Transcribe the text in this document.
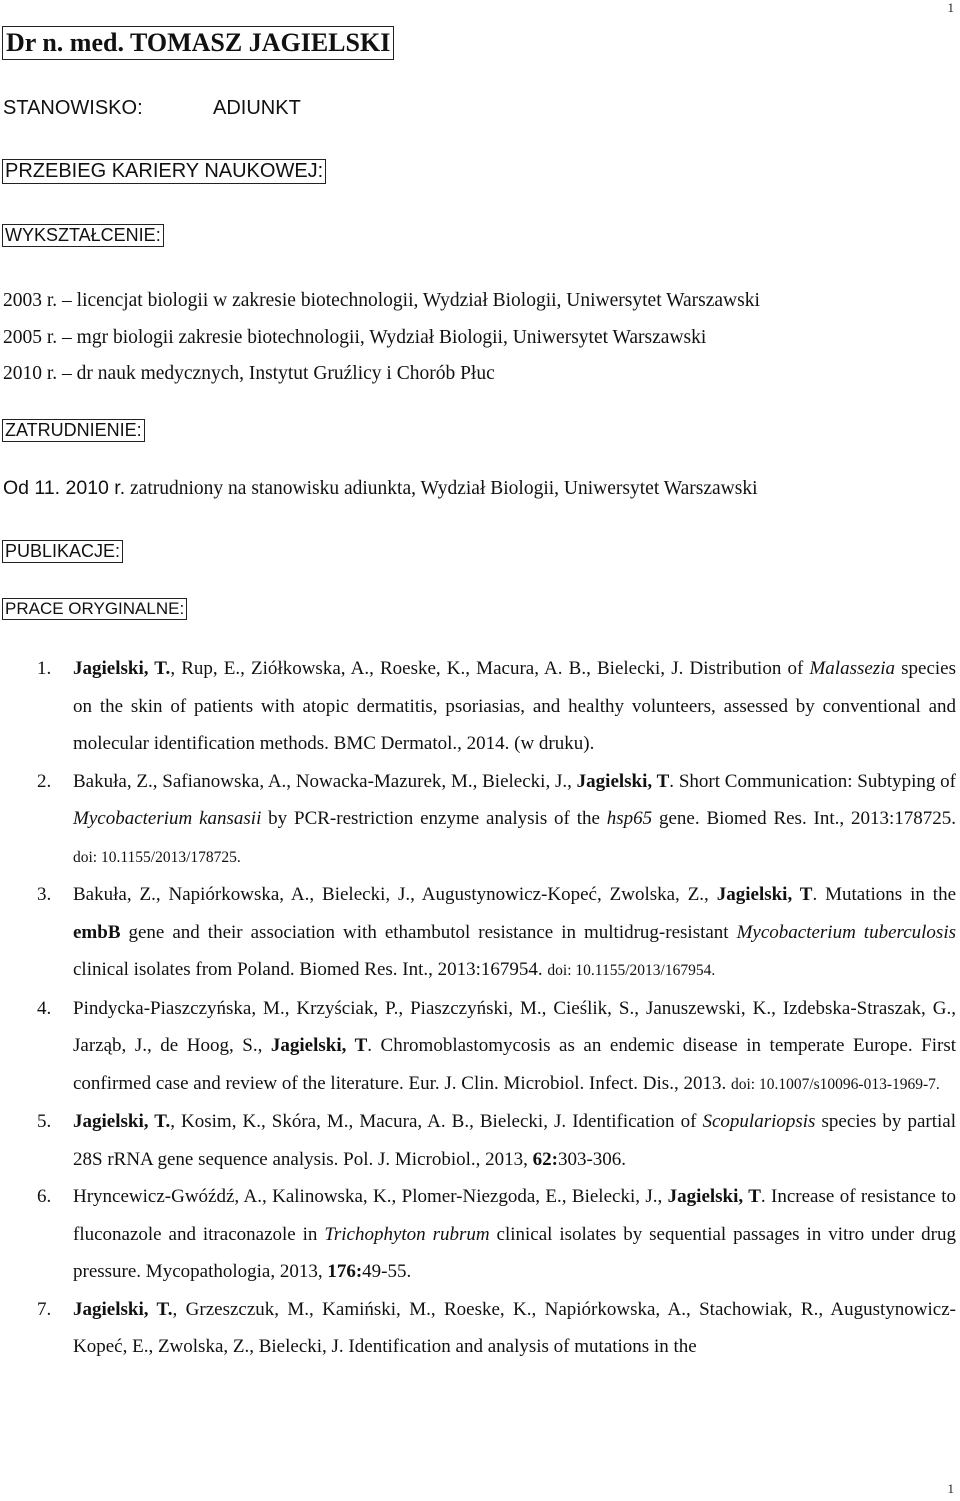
1
Dr n. med. TOMASZ JAGIELSKI
STANOWISKO:	ADIUNKT
PRZEBIEG KARIERY NAUKOWEJ:
WYKSZTAŁCENIE:
2003 r. – licencjat biologii w zakresie biotechnologii, Wydział Biologii, Uniwersytet Warszawski
2005 r. – mgr biologii zakresie biotechnologii, Wydział Biologii, Uniwersytet Warszawski
2010 r. – dr nauk medycznych, Instytut Gruźlicy i Chorób Płuc
ZATRUDNIENIE:
Od 11. 2010 r. zatrudniony na stanowisku adiunkta, Wydział Biologii, Uniwersytet Warszawski
PUBLIKACJE:
PRACE ORYGINALNE:
1. Jagielski, T., Rup, E., Ziółkowska, A., Roeske, K., Macura, A. B., Bielecki, J. Distribution of Malassezia species on the skin of patients with atopic dermatitis, psoriasias, and healthy volunteers, assessed by conventional and molecular identification methods. BMC Dermatol., 2014. (w druku).
2. Bakuła, Z., Safianowska, A., Nowacka-Mazurek, M., Bielecki, J., Jagielski, T. Short Communication: Subtyping of Mycobacterium kansasii by PCR-restriction enzyme analysis of the hsp65 gene. Biomed Res. Int., 2013:178725. doi: 10.1155/2013/178725.
3. Bakuła, Z., Napiórkowska, A., Bielecki, J., Augustynowicz-Kopeć, Zwolska, Z., Jagielski, T. Mutations in the embB gene and their association with ethambutol resistance in multidrug-resistant Mycobacterium tuberculosis clinical isolates from Poland. Biomed Res. Int., 2013:167954. doi: 10.1155/2013/167954.
4. Pindycka-Piaszczyńska, M., Krzyściak, P., Piaszczyński, M., Cieślik, S., Januszewski, K., Izdebska-Straszak, G., Jarząb, J., de Hoog, S., Jagielski, T. Chromoblastomycosis as an endemic disease in temperate Europe. First confirmed case and review of the literature. Eur. J. Clin. Microbiol. Infect. Dis., 2013. doi: 10.1007/s10096-013-1969-7.
5. Jagielski, T., Kosim, K., Skóra, M., Macura, A. B., Bielecki, J. Identification of Scopulariopsis species by partial 28S rRNA gene sequence analysis. Pol. J. Microbiol., 2013, 62:303-306.
6. Hryncewicz-Gwóźdź, A., Kalinowska, K., Plomer-Niezgoda, E., Bielecki, J., Jagielski, T. Increase of resistance to fluconazole and itraconazole in Trichophyton rubrum clinical isolates by sequential passages in vitro under drug pressure. Mycopathologia, 2013, 176:49-55.
7. Jagielski, T., Grzeszczuk, M., Kamiński, M., Roeske, K., Napiórkowska, A., Stachowiak, R., Augustynowicz-Kopeć, E., Zwolska, Z., Bielecki, J. Identification and analysis of mutations in the
1
